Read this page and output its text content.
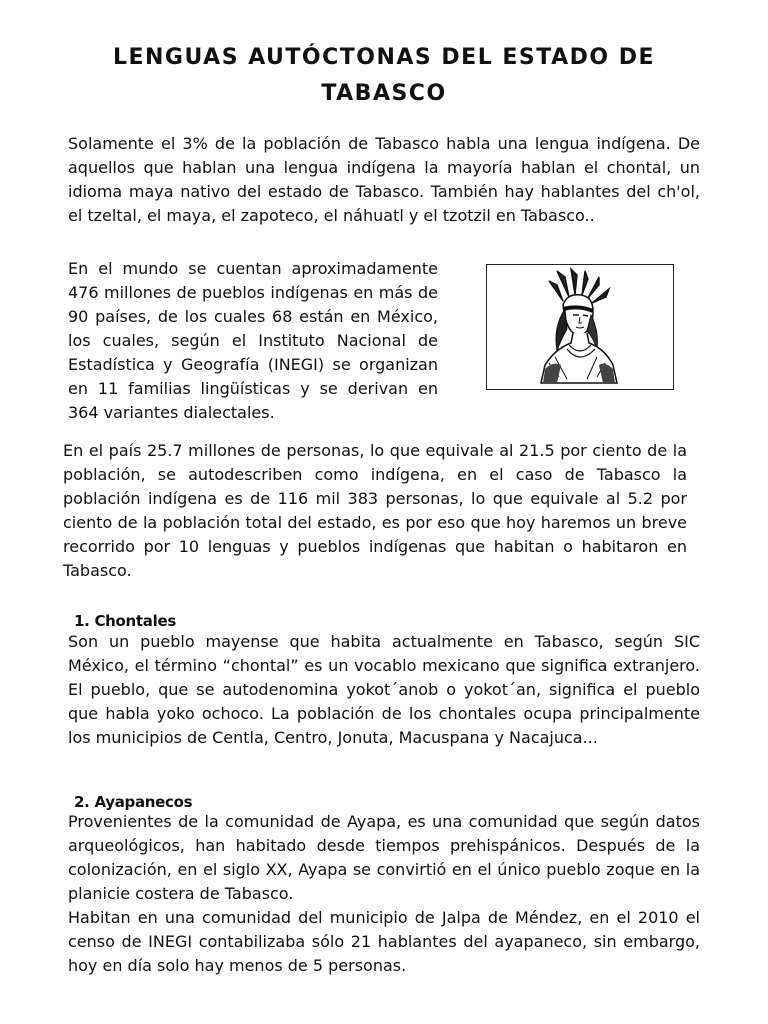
LENGUAS AUTÓCTONAS DEL ESTADO DE TABASCO

Solamente el 3% de la población de Tabasco habla una lengua indígena. De aquellos que hablan una lengua indígena la mayoría hablan el chontal, un idioma maya nativo del estado de Tabasco. También hay hablantes del ch'ol, el tzeltal, el maya, el zapoteco, el náhuatl y el tzotzil en Tabasco..

En el mundo se cuentan aproximadamente 476 millones de pueblos indígenas en más de 90 países, de los cuales 68 están en México, los cuales, según el Instituto Nacional de Estadística y Geografía (INEGI) se organizan en 11 familias lingüísticas y se derivan en 364 variantes dialectales.

En el país 25.7 millones de personas, lo que equivale al 21.5 por ciento de la población, se autodescriben como indígena, en el caso de Tabasco la población indígena es de 116 mil 383 personas, lo que equivale al 5.2 por ciento de la población total del estado, es por eso que hoy haremos un breve recorrido por 10 lenguas y pueblos indígenas que habitan o habitaron en Tabasco.

1. Chontales

Son un pueblo mayense que habita actualmente en Tabasco, según SIC México, el término “chontal” es un vocablo mexicano que significa extranjero. El pueblo, que se autodenomina yokot´anob o yokot´an, significa el pueblo que habla yoko ochoco. La población de los chontales ocupa principalmente los municipios de Centla, Centro, Jonuta, Macuspana y Nacajuca...

2. Ayapanecos
Provenientes de la comunidad de Ayapa, es una comunidad que según datos arqueológicos, han habitado desde tiempos prehispánicos. Después de la colonización, en el siglo XX, Ayapa se convirtió en el único pueblo zoque en la planicie costera de Tabasco.
Habitan en una comunidad del municipio de Jalpa de Méndez, en el 2010 el censo de INEGI contabilizaba sólo 21 hablantes del ayapaneco, sin embargo, hoy en día solo hay menos de 5 personas.
